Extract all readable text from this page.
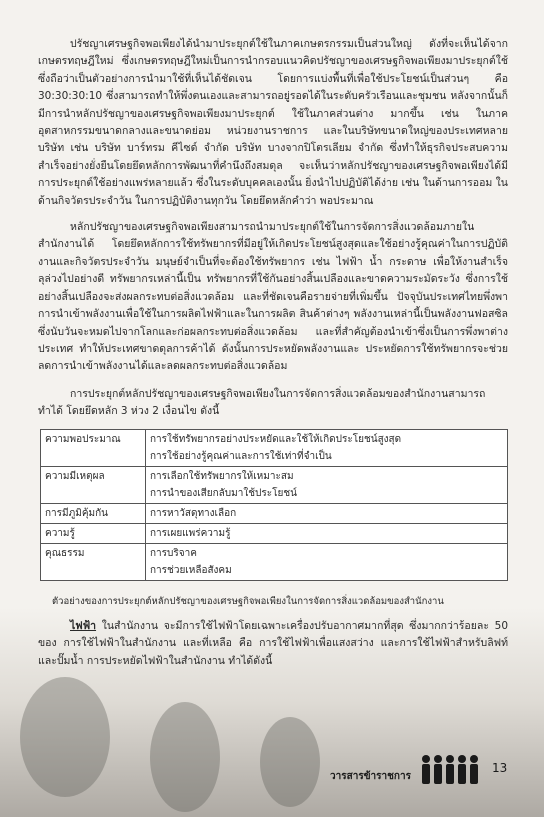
ปรัชญาเศรษฐกิจพอเพียงได้นำมาประยุกต์ใช้ในภาคเกษตรกรรมเป็นส่วนใหญ่ ดังที่จะเห็นได้จาก เกษตรทฤษฎีใหม่ ซึ่งเกษตรทฤษฎีใหม่เป็นการนำกรอบแนวคิดปรัชญาของเศรษฐกิจพอเพียงมาประยุกต์ใช้ ซึ่งถือว่าเป็นตัวอย่างการนำมาใช้ที่เห็นได้ชัดเจน โดยการแบ่งพื้นที่เพื่อใช้ประโยชน์เป็นส่วนๆ คือ 30:30:30:10 ซึ่งสามารถทำให้พึ่งตนเองและสามารถอยู่รอดได้ในระดับครัวเรือนและชุมชน หลังจากนั้นก็มีการนำหลักปรัชญาของเศรษฐกิจพอเพียงมาประยุกต์ ใช้ในภาคส่วนต่าง มากขึ้น เช่น ในภาคอุตสาหกรรมขนาดกลางและขนาดย่อม หน่วยงานราชการ และในบริษัทขนาดใหญ่ของประเทศหลายบริษัท เช่น บริษัท บาร์ทรม คีไซด์ จำกัด บริษัท บางจากปิโตรเลียม จำกัด ซึ่งทำให้ธุรกิจประสบความสำเร็จอย่างยั่งยืนโดยยึดหลักการพัฒนาที่คำนึงถึงสมดุล จะเห็นว่าหลักปรัชญาของเศรษฐกิจพอเพียงได้มีการประยุกต์ใช้อย่างแพร่หลายแล้ว ซึ่งในระดับบุคคลเองนั้น ยิ่งนำไปปฏิบัติได้ง่าย เช่น ในด้านการออม ในด้านกิจวัตรประจำวัน ในการปฏิบัติงานทุกวัน โดยยึดหลักคำว่า พอประมาณ

หลักปรัชญาของเศรษฐกิจพอเพียงสามารถนำมาประยุกต์ใช้ในการจัดการสิ่งแวดล้อมภายในสำนักงานได้ โดยยึดหลักการใช้ทรัพยากรที่มีอยู่ให้เกิดประโยชน์สูงสุดและใช้อย่างรู้คุณค่าในการปฏิบัติงานและกิจวัตรประจำวัน มนุษย์จำเป็นที่จะต้องใช้ทรัพยากร เช่น ไฟฟ้า น้ำ กระดาษ เพื่อให้งานสำเร็จลุล่วงไปอย่างดี ทรัพยากรเหล่านี้เป็น ทรัพยากรที่ใช้กันอย่างสิ้นเปลืองและขาดความระมัดระวัง ซึ่งการใช้อย่างสิ้นเปลืองจะส่งผลกระทบต่อสิ่งแวดล้อม และที่ชัดเจนคือรายจ่ายที่เพิ่มขึ้น ปัจจุบันประเทศไทยพึ่งพาการนำเข้าพลังงานเพื่อใช้ในการผลิตไฟฟ้าและในการผลิต สินค้าต่างๆ พลังงานเหล่านี้เป็นพลังงานฟอสซิลซึ่งนับวันจะหมดไปจากโลกและก่อผลกระทบต่อสิ่งแวดล้อม และที่สำคัญต้องนำเข้าซึ่งเป็นการพึ่งพาต่างประเทศ ทำให้ประเทศขาดดุลการค้าได้ ดังนั้นการประหยัดพลังงานและ ประหยัดการใช้ทรัพยากรจะช่วยลดการนำเข้าพลังงานได้และลดผลกระทบต่อสิ่งแวดล้อม

การประยุกต์หลักปรัชญาของเศรษฐกิจพอเพียงในการจัดการสิ่งแวดล้อมของสำนักงานสามารถทำได้ โดยยึดหลัก 3 ห่วง 2 เงื่อนไข ดังนี้

ความพอประมาณ	การใช้ทรัพยากรอย่างประหยัดและใช้ให้เกิดประโยชน์สูงสุด
การใช้อย่างรู้คุณค่าและการใช้เท่าที่จำเป็น

ความมีเหตุผล	การเลือกใช้ทรัพยากรให้เหมาะสม
การนำของเสียกลับมาใช้ประโยชน์

การมีภูมิคุ้มกัน	การหาวัสดุทางเลือก

ความรู้	การเผยแพร่ความรู้

คุณธรรม	การบริจาค
การช่วยเหลือสังคม

ตัวอย่างของการประยุกต์หลักปรัชญาของเศรษฐกิจพอเพียงในการจัดการสิ่งแวดล้อมของสำนักงาน

ไฟฟ้า ในสำนักงาน จะมีการใช้ไฟฟ้าโดยเฉพาะเครื่องปรับอากาศมากที่สุด ซึ่งมากกว่าร้อยละ 50 ของ การใช้ไฟฟ้าในสำนักงาน และที่เหลือ คือ การใช้ไฟฟ้าเพื่อแสงสว่าง และการใช้ไฟฟ้าสำหรับลิฟท์และปั๊มน้ำ การประหยัดไฟฟ้าในสำนักงาน ทำได้ดังนี้

วารสารข้าราชการ
13
